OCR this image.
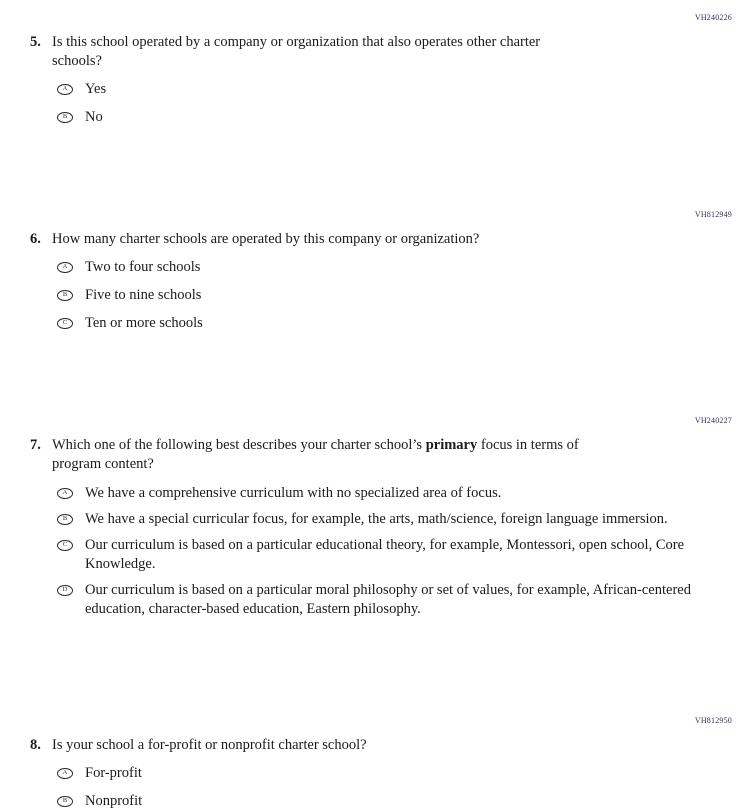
VH240226
5. Is this school operated by a company or organization that also operates other charter schools?

A Yes
B No
VH812949
6. How many charter schools are operated by this company or organization?

A Two to four schools
B Five to nine schools
C Ten or more schools
VH240227
7. Which one of the following best describes your charter school’s primary focus in terms of program content?

A We have a comprehensive curriculum with no specialized area of focus.
B We have a special curricular focus, for example, the arts, math/science, foreign language immersion.
C Our curriculum is based on a particular educational theory, for example, Montessori, open school, Core Knowledge.
D Our curriculum is based on a particular moral philosophy or set of values, for example, African-centered education, character-based education, Eastern philosophy.
VH812950
8. Is your school a for-profit or nonprofit charter school?

A For-profit
B Nonprofit
